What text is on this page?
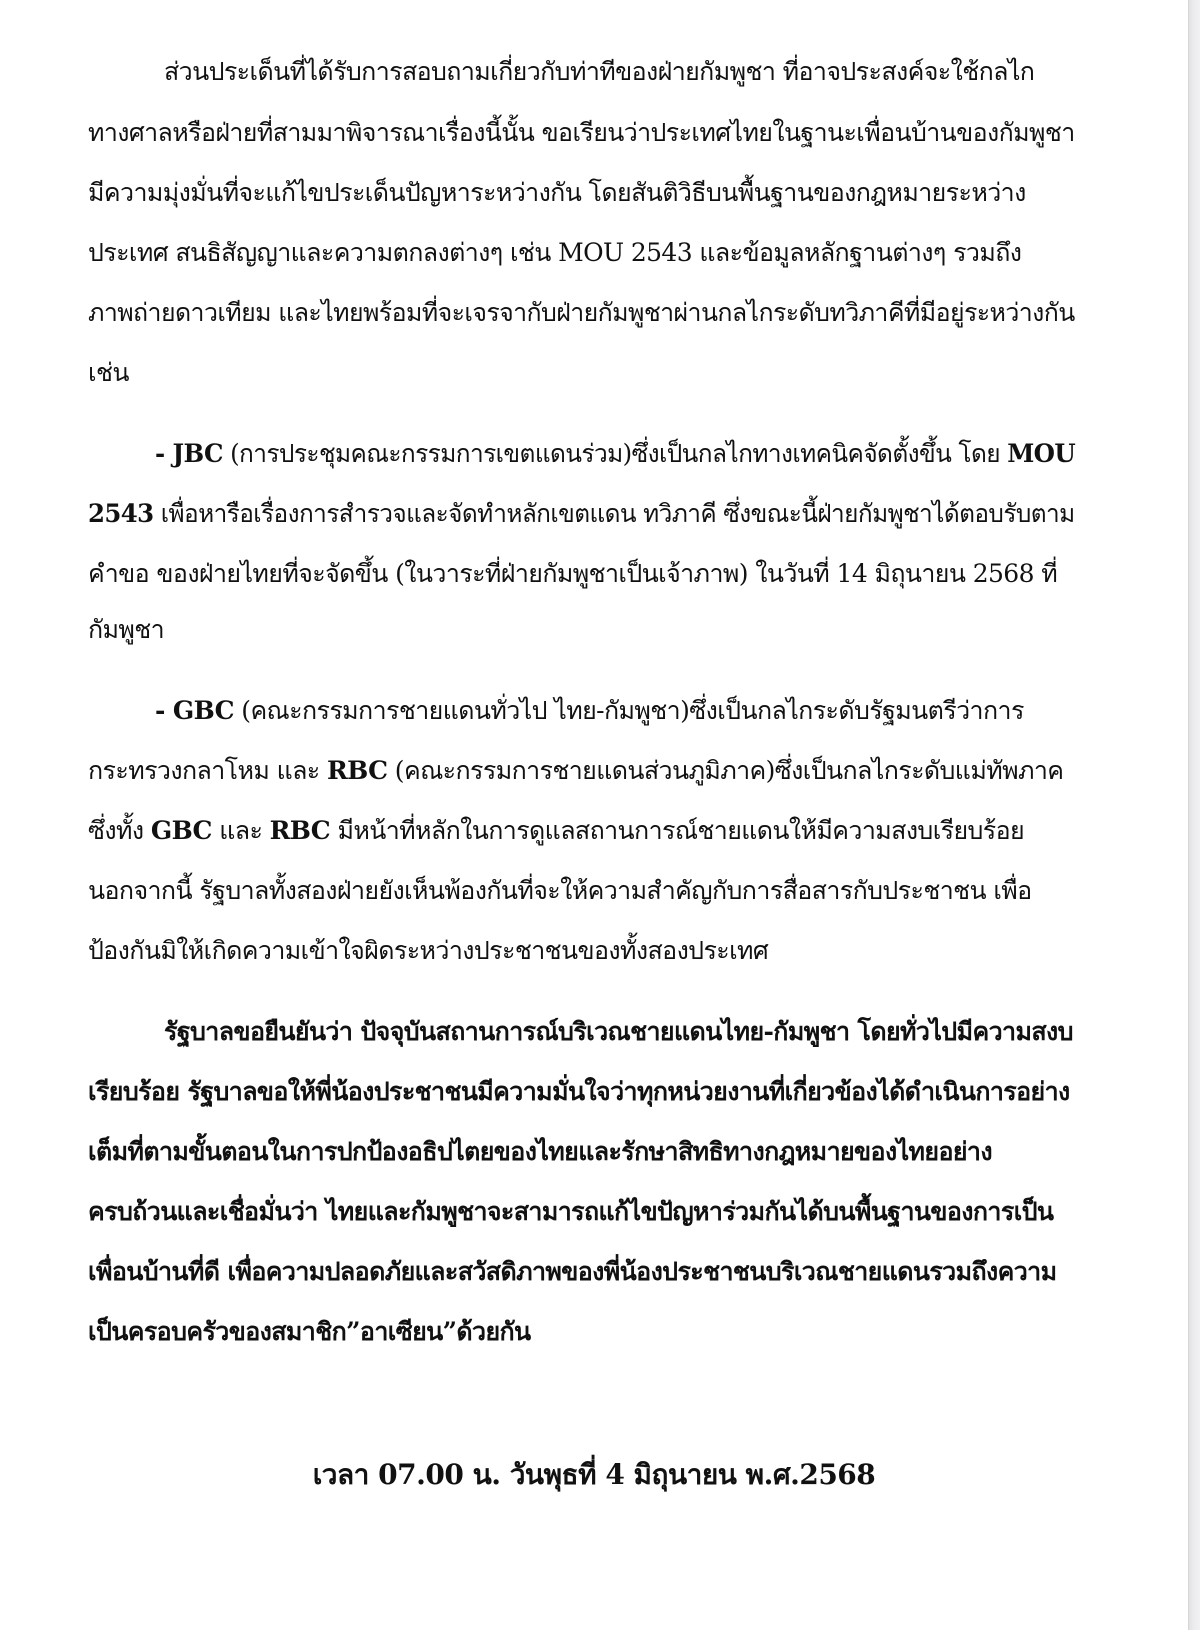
ส่วนประเด็นที่ได้รับการสอบถามเกี่ยวกับท่าทีของฝ่ายกัมพูชา ที่อาจประสงค์จะใช้กลไก
ทางศาลหรือฝ่ายที่สามมาพิจารณาเรื่องนี้นั้น ขอเรียนว่าประเทศไทยในฐานะเพื่อนบ้านของกัมพูชา
มีความมุ่งมั่นที่จะแก้ไขประเด็นปัญหาระหว่างกัน โดยสันติวิธีบนพื้นฐานของกฎหมายระหว่าง
ประเทศ สนธิสัญญาและความตกลงต่างๆ เช่น MOU 2543 และข้อมูลหลักฐานต่างๆ รวมถึง
ภาพถ่ายดาวเทียม และไทยพร้อมที่จะเจรจากับฝ่ายกัมพูชาผ่านกลไกระดับทวิภาคีที่มีอยู่ระหว่างกัน
เช่น
- JBC (การประชุมคณะกรรมการเขตแดนร่วม)ซึ่งเป็นกลไกทางเทคนิคจัดตั้งขึ้น โดย MOU
2543 เพื่อหารือเรื่องการสำรวจและจัดทำหลักเขตแดน ทวิภาคี ซึ่งขณะนี้ฝ่ายกัมพูชาได้ตอบรับตาม
คำขอ ของฝ่ายไทยที่จะจัดขึ้น (ในวาระที่ฝ่ายกัมพูชาเป็นเจ้าภาพ) ในวันที่ 14 มิถุนายน 2568 ที่
กัมพูชา
- GBC (คณะกรรมการชายแดนทั่วไป ไทย-กัมพูชา)ซึ่งเป็นกลไกระดับรัฐมนตรีว่าการ
กระทรวงกลาโหม และ RBC (คณะกรรมการชายแดนส่วนภูมิภาค)ซึ่งเป็นกลไกระดับแม่ทัพภาค
ซึ่งทั้ง GBC และ RBC มีหน้าที่หลักในการดูแลสถานการณ์ชายแดนให้มีความสงบเรียบร้อย
นอกจากนี้ รัฐบาลทั้งสองฝ่ายยังเห็นพ้องกันที่จะให้ความสำคัญกับการสื่อสารกับประชาชน เพื่อ
ป้องกันมิให้เกิดความเข้าใจผิดระหว่างประชาชนของทั้งสองประเทศ
รัฐบาลขอยืนยันว่า ปัจจุบันสถานการณ์บริเวณชายแดนไทย-กัมพูชา โดยทั่วไปมีความสงบ
เรียบร้อย รัฐบาลขอให้พี่น้องประชาชนมีความมั่นใจว่าทุกหน่วยงานที่เกี่ยวข้องได้ดำเนินการอย่าง
เต็มที่ตามขั้นตอนในการปกป้องอธิปไตยของไทยและรักษาสิทธิทางกฎหมายของไทยอย่าง
ครบถ้วนและเชื่อมั่นว่า ไทยและกัมพูชาจะสามารถแก้ไขปัญหาร่วมกันได้บนพื้นฐานของการเป็น
เพื่อนบ้านที่ดี เพื่อความปลอดภัยและสวัสดิภาพของพี่น้องประชาชนบริเวณชายแดนรวมถึงความ
เป็นครอบครัวของสมาชิก”อาเซียน”ด้วยกัน
เวลา 07.00 น. วันพุธที่ 4 มิถุนายน พ.ศ.2568
